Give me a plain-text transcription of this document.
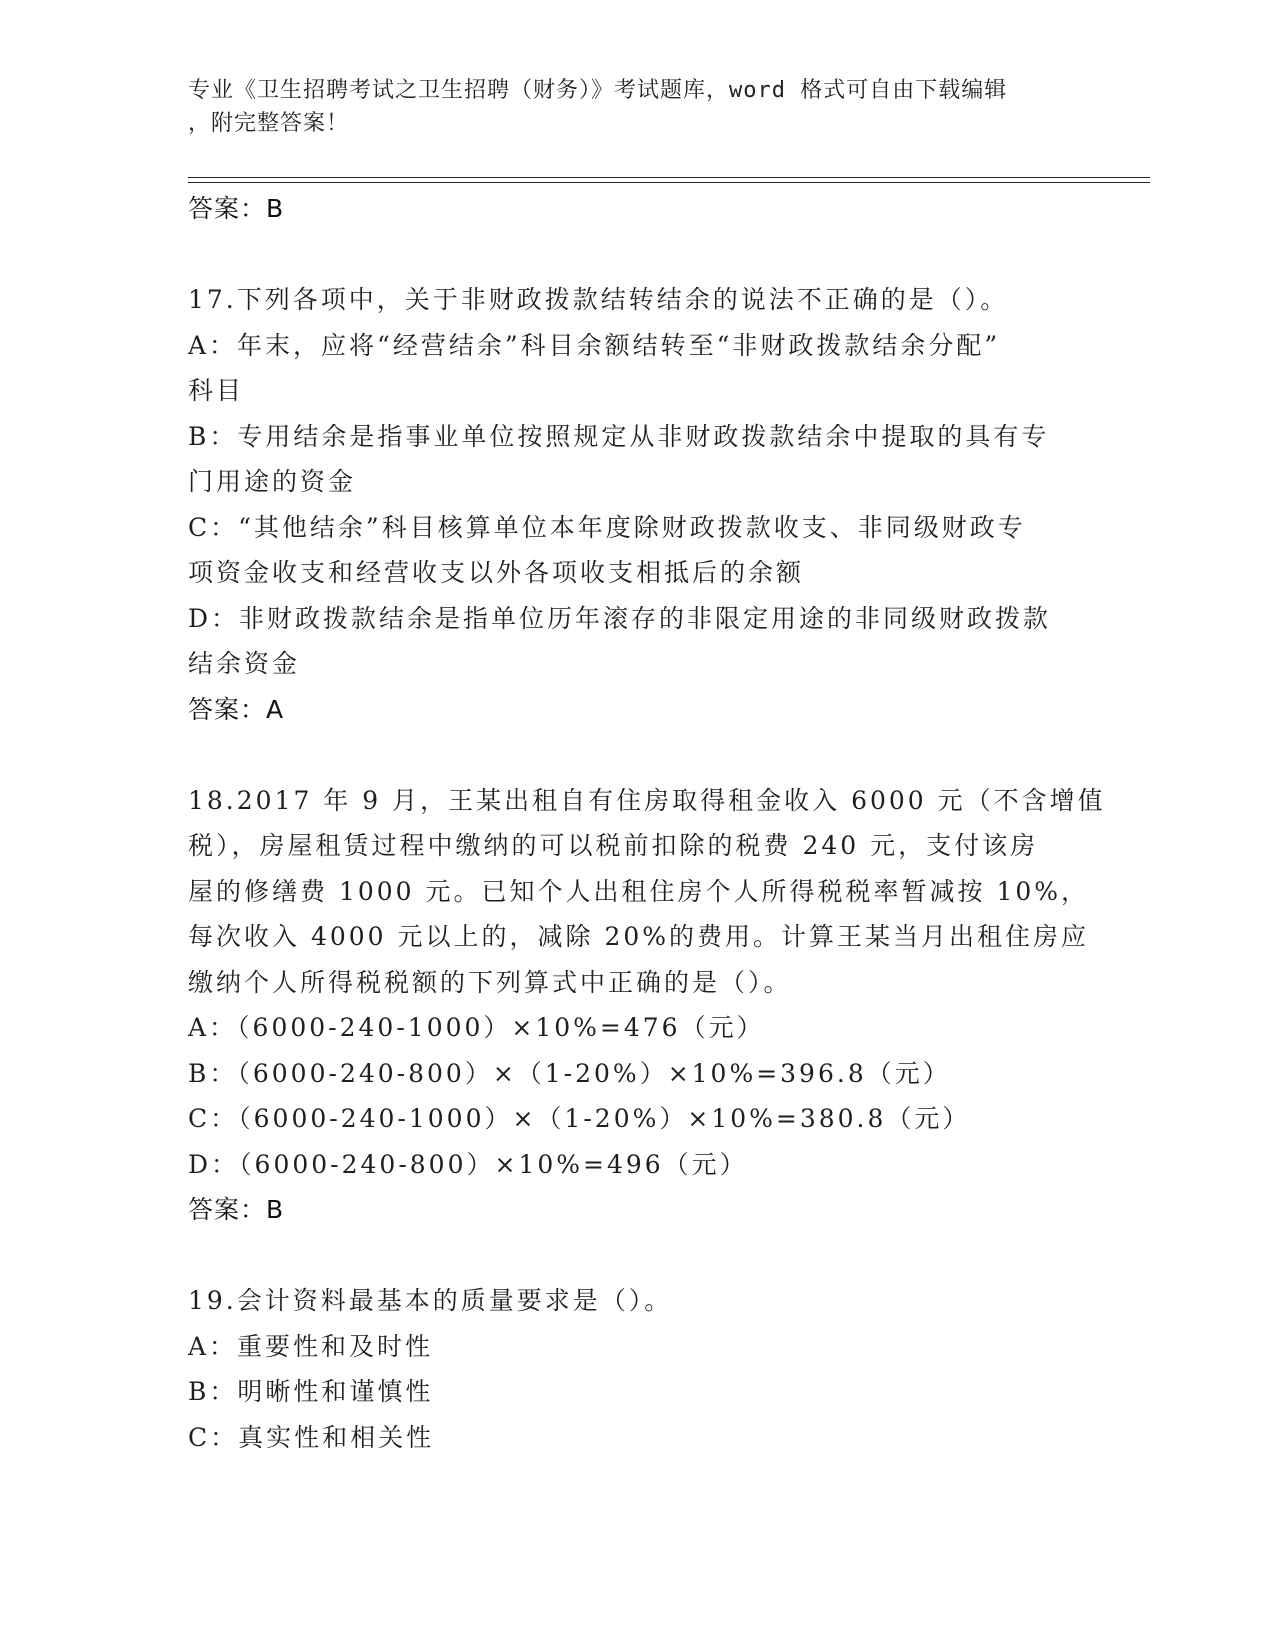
专业《卫生招聘考试之卫生招聘（财务）》考试题库，word 格式可自由下载编辑
，附完整答案！
答案：B
17.下列各项中，关于非财政拨款结转结余的说法不正确的是（）。
A：年末，应将“经营结余”科目余额结转至“非财政拨款结余分配”
科目
B：专用结余是指事业单位按照规定从非财政拨款结余中提取的具有专
门用途的资金
C：“其他结余”科目核算单位本年度除财政拨款收支、非同级财政专
项资金收支和经营收支以外各项收支相抵后的余额
D：非财政拨款结余是指单位历年滚存的非限定用途的非同级财政拨款
结余资金
答案：A
18.2017 年 9 月，王某出租自有住房取得租金收入 6000 元（不含增值
税），房屋租赁过程中缴纳的可以税前扣除的税费 240 元，支付该房
屋的修缮费 1000 元。已知个人出租住房个人所得税税率暂减按 10%，
每次收入 4000 元以上的，减除 20%的费用。计算王某当月出租住房应
缴纳个人所得税税额的下列算式中正确的是（）。
A：（6000-240-1000）×10%=476（元）
B：（6000-240-800）×（1-20%）×10%=396.8（元）
C：（6000-240-1000）×（1-20%）×10%=380.8（元）
D：（6000-240-800）×10%=496（元）
答案：B
19.会计资料最基本的质量要求是（）。
A：重要性和及时性
B：明晰性和谨慎性
C：真实性和相关性
